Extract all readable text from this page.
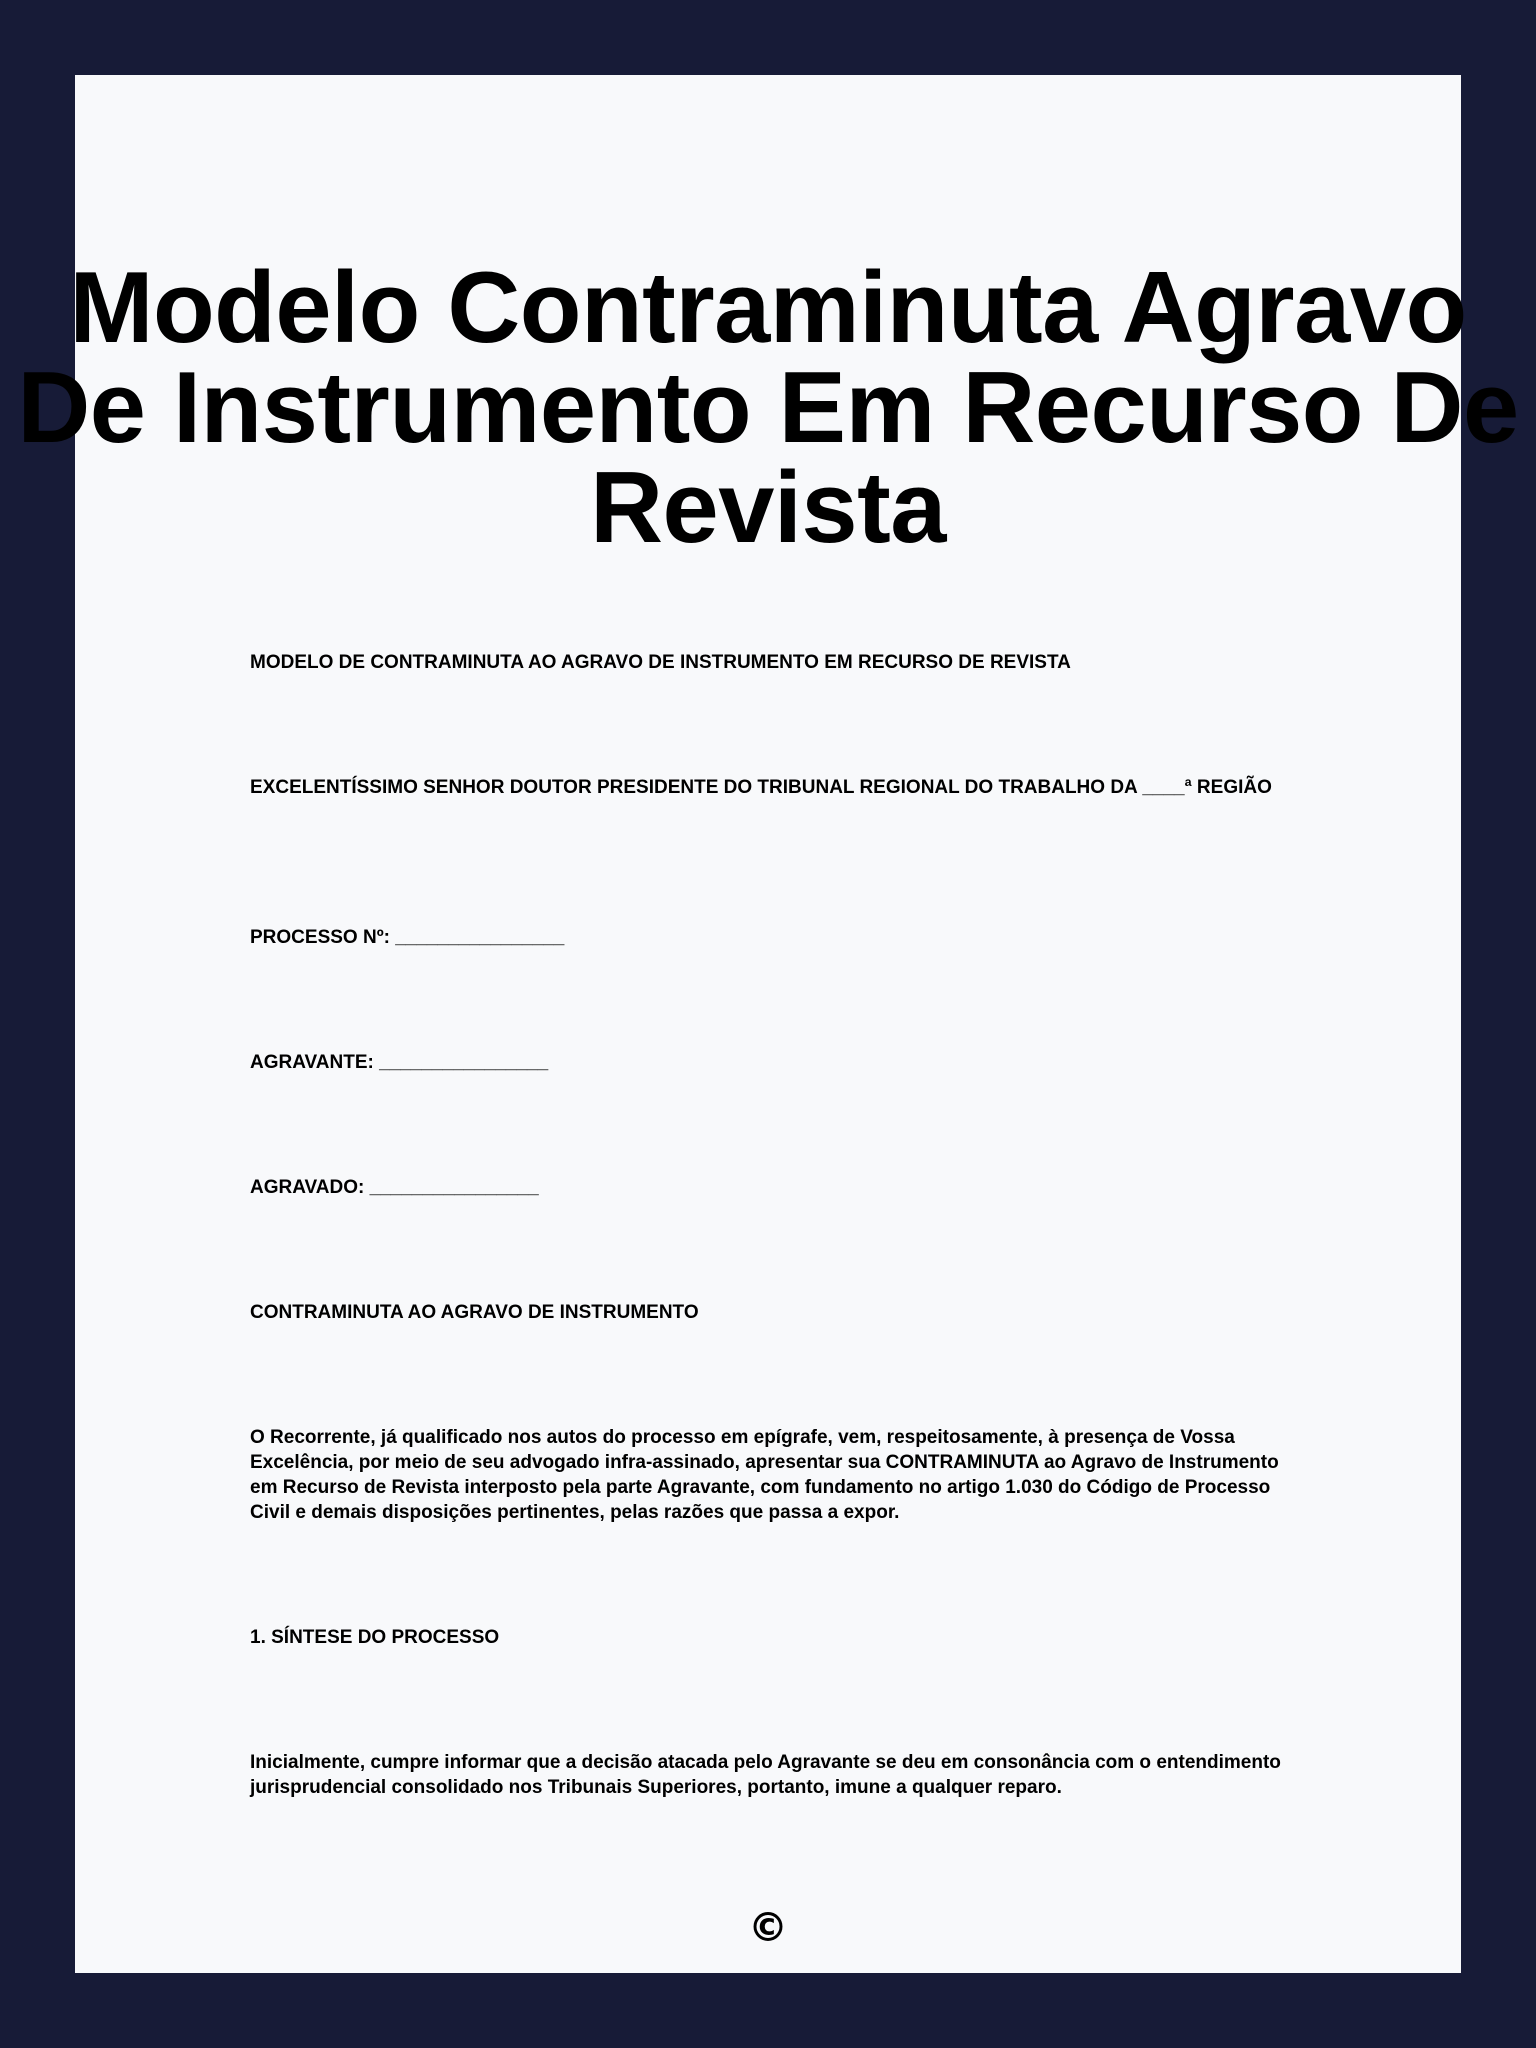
Modelo Contraminuta Agravo De Instrumento Em Recurso De Revista

MODELO DE CONTRAMINUTA AO AGRAVO DE INSTRUMENTO EM RECURSO DE REVISTA

EXCELENTÍSSIMO SENHOR DOUTOR PRESIDENTE DO TRIBUNAL REGIONAL DO TRABALHO DA ____ª REGIÃO

PROCESSO Nº: ________________

AGRAVANTE: ________________

AGRAVADO: ________________

CONTRAMINUTA AO AGRAVO DE INSTRUMENTO

O Recorrente, já qualificado nos autos do processo em epígrafe, vem, respeitosamente, à presença de Vossa Excelência, por meio de seu advogado infra-assinado, apresentar sua CONTRAMINUTA ao Agravo de Instrumento em Recurso de Revista interposto pela parte Agravante, com fundamento no artigo 1.030 do Código de Processo Civil e demais disposições pertinentes, pelas razões que passa a expor.

1. SÍNTESE DO PROCESSO

Inicialmente, cumpre informar que a decisão atacada pelo Agravante se deu em consonância com o entendimento jurisprudencial consolidado nos Tribunais Superiores, portanto, imune a qualquer reparo.

©
